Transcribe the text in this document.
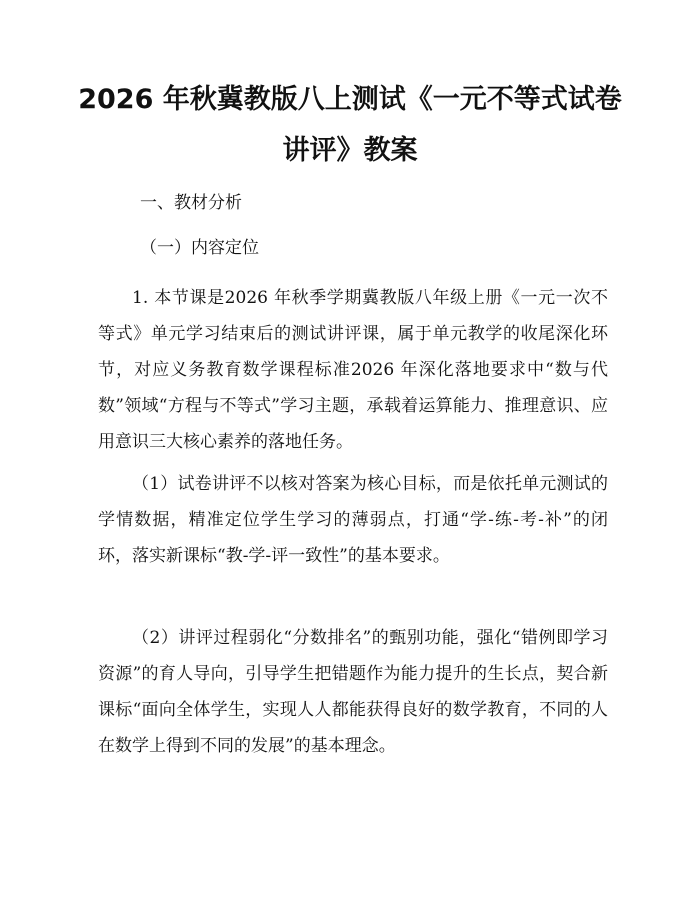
2026 年秋冀教版八上测试《一元不等式试卷
讲评》教案

一、教材分析

（一）内容定位

1. 本节课是2026 年秋季学期冀教版八年级上册《一元一次不等式》单元学习结束后的测试讲评课，属于单元教学的收尾深化环节，对应义务教育数学课程标准2026 年深化落地要求中“数与代数”领域“方程与不等式”学习主题，承载着运算能力、推理意识、应用意识三大核心素养的落地任务。

（1）试卷讲评不以核对答案为核心目标，而是依托单元测试的学情数据，精准定位学生学习的薄弱点，打通“学-练-考-补”的闭环，落实新课标“教-学-评一致性”的基本要求。

（2）讲评过程弱化“分数排名”的甄别功能，强化“错例即学习资源”的育人导向，引导学生把错题作为能力提升的生长点，契合新课标“面向全体学生，实现人人都能获得良好的数学教育，不同的人在数学上得到不同的发展”的基本理念。
